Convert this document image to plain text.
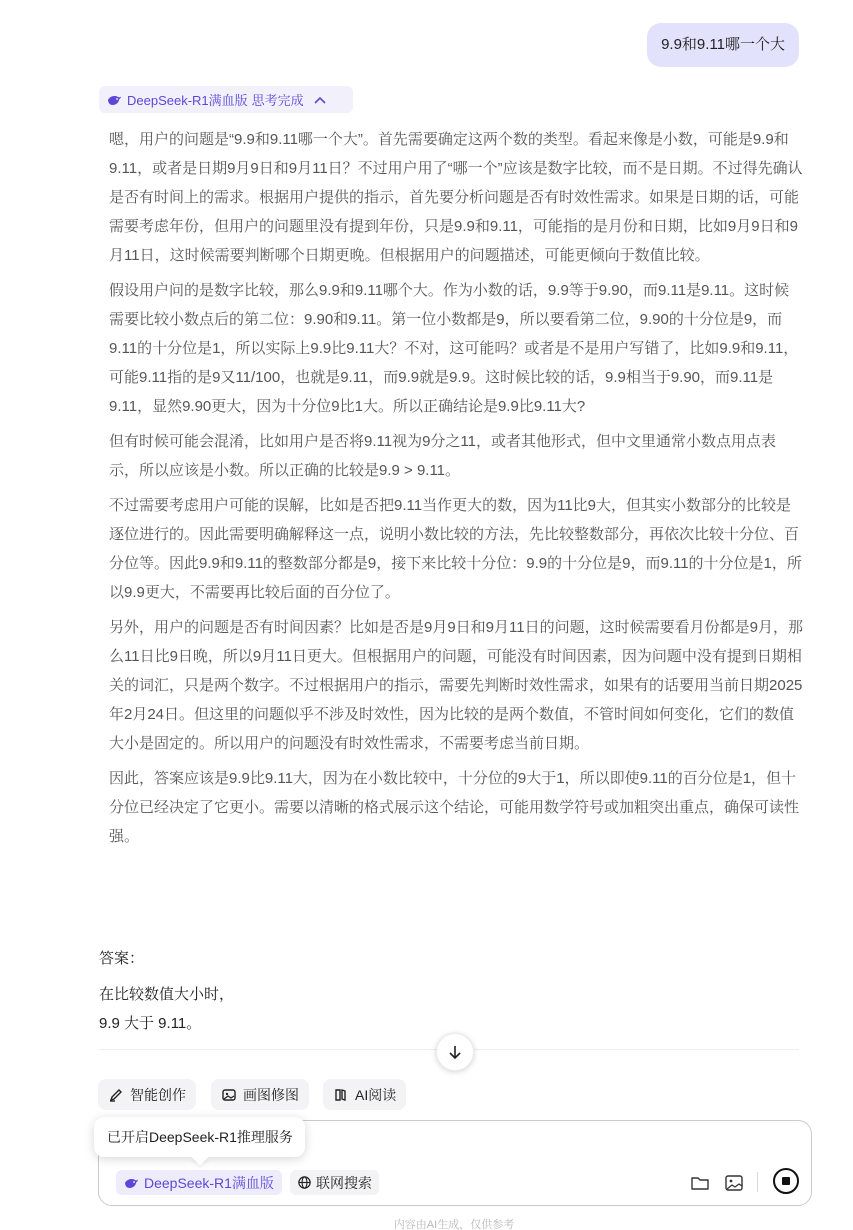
9.9和9.11哪一个大
DeepSeek-R1满血版 思考完成

嗯，用户的问题是“9.9和9.11哪一个大”。首先需要确定这两个数的类型。看起来像是小数，可能是9.9和9.11，或者是日期9月9日和9月11日？不过用户用了“哪一个”应该是数字比较，而不是日期。不过得先确认是否有时间上的需求。根据用户提供的指示，首先要分析问题是否有时效性需求。如果是日期的话，可能需要考虑年份，但用户的问题里没有提到年份，只是9.9和9.11，可能指的是月份和日期，比如9月9日和9月11日，这时候需要判断哪个日期更晚。但根据用户的问题描述，可能更倾向于数值比较。

假设用户问的是数字比较，那么9.9和9.11哪个大。作为小数的话，9.9等于9.90，而9.11是9.11。这时候需要比较小数点后的第二位：9.90和9.11。第一位小数都是9，所以要看第二位，9.90的十分位是9，而9.11的十分位是1，所以实际上9.9比9.11大？不对，这可能吗？或者是不是用户写错了，比如9.9和9.11，可能9.11指的是9又11/100，也就是9.11，而9.9就是9.9。这时候比较的话，9.9相当于9.90，而9.11是9.11，显然9.90更大，因为十分位9比1大。所以正确结论是9.9比9.11大?

但有时候可能会混淆，比如用户是否将9.11视为9分之11，或者其他形式，但中文里通常小数点用点表示，所以应该是小数。所以正确的比较是9.9 > 9.11。

不过需要考虑用户可能的误解，比如是否把9.11当作更大的数，因为11比9大，但其实小数部分的比较是逐位进行的。因此需要明确解释这一点，说明小数比较的方法，先比较整数部分，再依次比较十分位、百分位等。因此9.9和9.11的整数部分都是9，接下来比较十分位：9.9的十分位是9，而9.11的十分位是1，所以9.9更大，不需要再比较后面的百分位了。

另外，用户的问题是否有时间因素？比如是否是9月9日和9月11日的问题，这时候需要看月份都是9月，那么11日比9日晚，所以9月11日更大。但根据用户的问题，可能没有时间因素，因为问题中没有提到日期相关的词汇，只是两个数字。不过根据用户的指示，需要先判断时效性需求，如果有的话要用当前日期2025年2月24日。但这里的问题似乎不涉及时效性，因为比较的是两个数值，不管时间如何变化，它们的数值大小是固定的。所以用户的问题没有时效性需求，不需要考虑当前日期。

因此，答案应该是9.9比9.11大，因为在小数比较中，十分位的9大于1，所以即使9.11的百分位是1，但十分位已经决定了它更小。需要以清晰的格式展示这个结论，可能用数学符号或加粗突出重点，确保可读性强。

答案：
在比较数值大小时，
9.9 大于 9.11。
智能创作	画图修图	AI阅读
已开启DeepSeek-R1推理服务
DeepSeek-R1满血版	联网搜索
内容由AI生成，仅供参考
